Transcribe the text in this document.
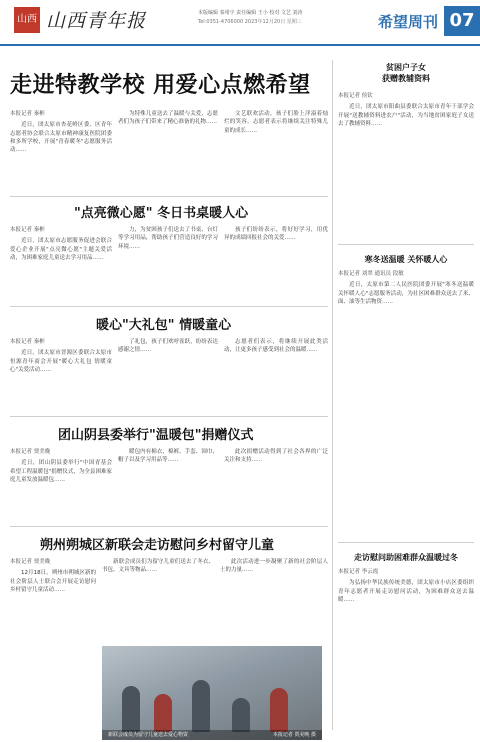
山西 山西青年报	本版编辑 秦靖宇 责任编辑 王小 校对 文艺 刘涛
Tel:0351-4706000 2023年12月20日 星期三	希望周刊 07
走进特教学校 用爱心点燃希望
本报记者 秦彬

近日，团太原市杏花岭区委、区青年志愿者协会联合太原市精神康复医院团委和多所学校，开展"青春暖冬"志愿服务活动……

为特殊儿童送去了温暖与关爱，志愿者们为孩子们带来了精心准备的礼物……

文艺联欢活动，孩子们脸上洋溢着灿烂的笑容，志愿者表示将继续关注特殊儿童的成长……

"点亮微心愿" 冬日书桌暖人心
本报记者 秦彬

近日，团太原市志愿服务促进会联合爱心企业开展"点亮微心愿"主题关爱活动，为困难家庭儿童送去学习用品……

力，为贫困孩子们送去了书桌、台灯等学习用品，帮助孩子们营造良好的学习环境……

孩子们纷纷表示，将好好学习，用优异的成绩回报社会的关爱……

暖心"大礼包" 情暖童心
本报记者 秦彬

近日，团太原市晋源区委联合太原市恒源青年商会开展"暖心大礼包 情暖童心"关爱活动……

了礼包，孩子们欢呼雀跃，纷纷表达感谢之情……

志愿者们表示，将继续开展此类活动，让更多孩子感受到社会的温暖……

团山阴县委举行"温暖包"捐赠仪式
本报记者 贾美晚

近日，团山阴县委举行"中国青基会 希望工程温暖包"捐赠仪式，为全县困难家庭儿童发放温暖包……

暖包内有棉衣、棉裤、手套、围巾、帽子以及学习用品等……

此次捐赠活动得到了社会各界的广泛关注和支持……

朔州朔城区新联会走访慰问乡村留守儿童
本报记者 贾美晚

12月18日，朔州市朔城区新的社会阶层人士联合会开展走访慰问乡村留守儿童活动……

新联会成员们为留守儿童们送去了冬衣、书包、文具等物品……

此次活动进一步凝聚了新的社会阶层人士的力量……

新联会成员为留守儿童送去爱心物资	本报记者 贾美晚 摄
贫困户子女
获赠教辅资料
本报记者 侯钦

近日，团太原市阳曲县委联合太原市青年干部学会开展"送教辅资料进农户"活动，为当地贫困家庭子女送去了教辅资料……

寒冬送温暖 关怀暖人心
本报记者 刘翠 通讯员 段敏

近日，太原市第二人民医院团委开展"寒冬送温暖 关怀暖人心"志愿服务活动，为社区困难群众送去了米、面、油等生活物资……

走访慰问助困难群众温暖过冬
本报记者 李云霞

为弘扬中华民族传统美德，团太原市小店区委组织青年志愿者开展走访慰问活动，为困难群众送去温暖……
